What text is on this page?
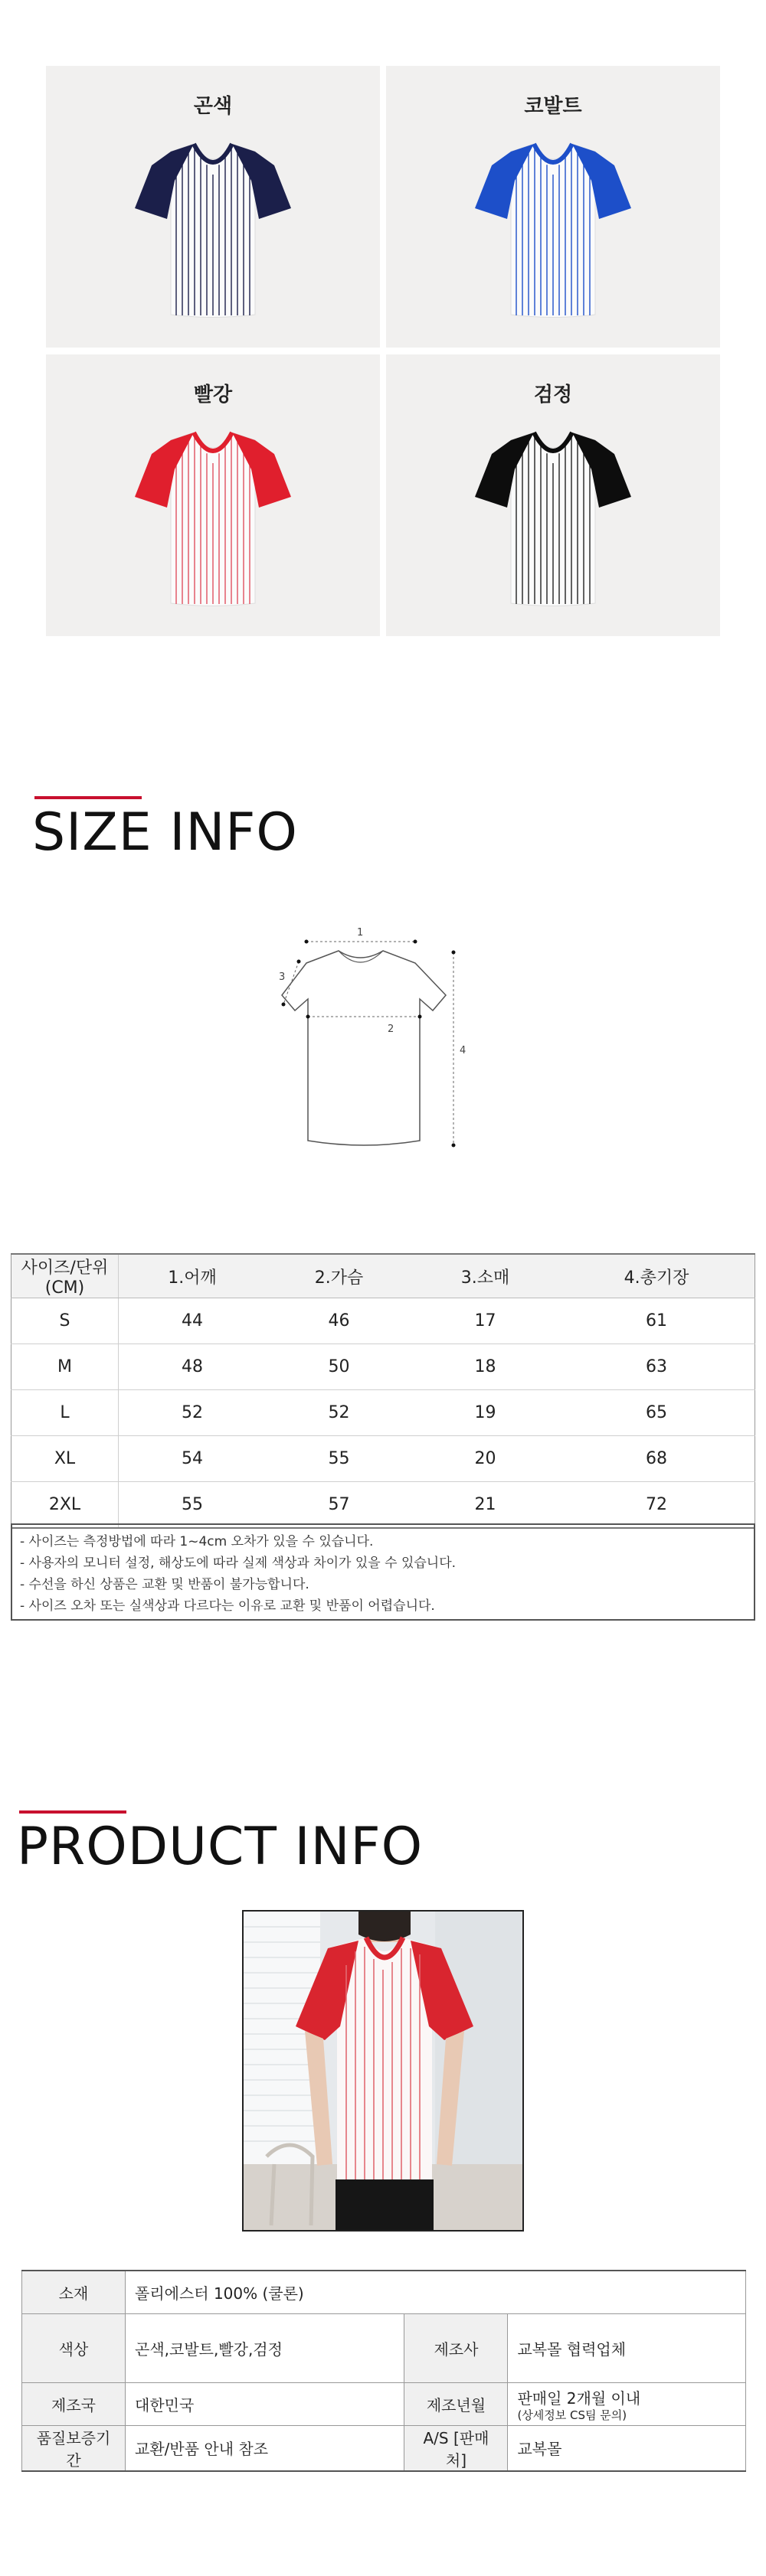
곤색	코발트
빨강	검정
SIZE INFO
1
2
3
4
사이즈/단위(CM)	1.어깨	2.가슴	3.소매	4.총기장
S	44	46	17	61
M	48	50	18	63
L	52	52	19	65
XL	54	55	20	68
2XL	55	57	21	72
- 사이즈는 측정방법에 따라 1~4cm 오차가 있을 수 있습니다.
- 사용자의 모니터 설정, 해상도에 따라 실제 색상과 차이가 있을 수 있습니다.
- 수선을 하신 상품은 교환 및 반품이 불가능합니다.
- 사이즈 오차 또는 실색상과 다르다는 이유로 교환 및 반품이 어렵습니다.
PRODUCT INFO
소재	폴리에스터 100% (쿨론)		
색상	곤색,코발트,빨강,검정	제조사	교복몰 협력업체
제조국	대한민국	제조년월	판매일 2개월 이내
(상세정보 CS팀 문의)

품질보증기간	교환/반품 안내 참조	A/S [판매처]	교복몰
